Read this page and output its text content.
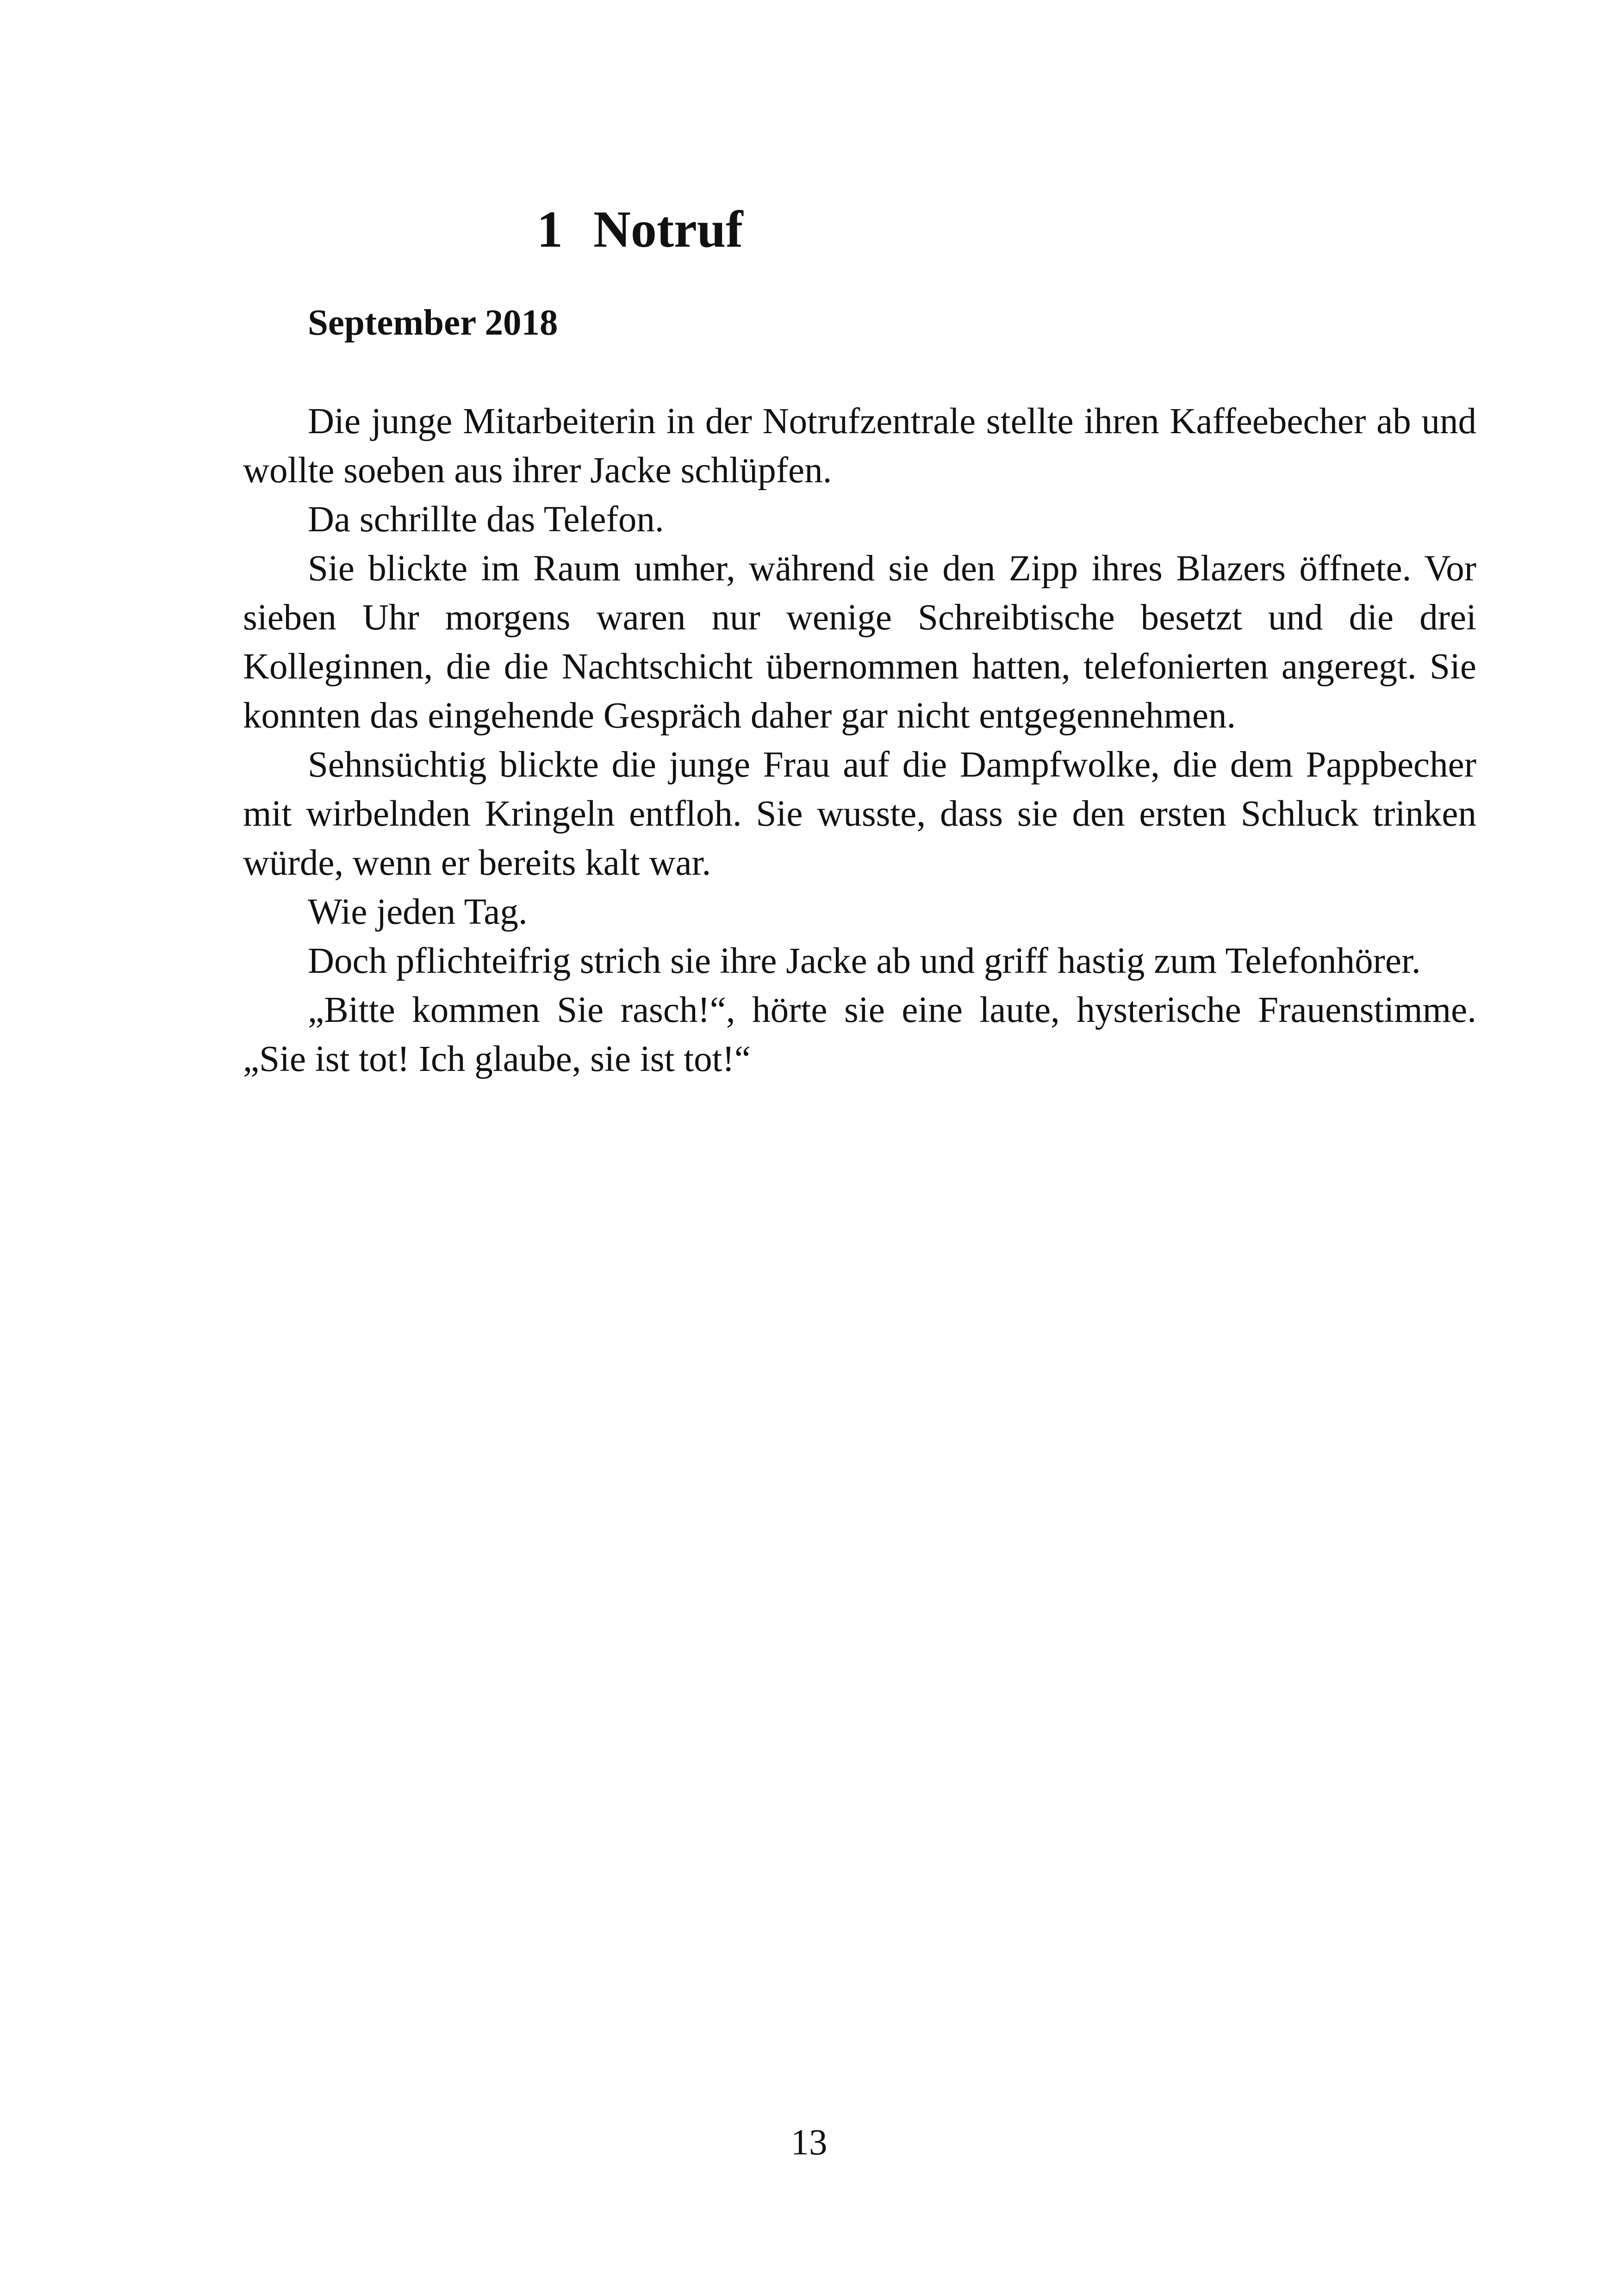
1 Notruf
September 2018

Die junge Mitarbeiterin in der Notrufzentrale stellte ihren Kaffeebecher ab und wollte soeben aus ihrer Jacke schlüpfen.

Da schrillte das Telefon.

Sie blickte im Raum umher, während sie den Zipp ihres Blazers öffnete. Vor sieben Uhr morgens waren nur wenige Schreibtische besetzt und die drei Kolleginnen, die die Nachtschicht übernommen hatten, telefonierten angeregt. Sie konnten das eingehende Gespräch daher gar nicht entgegennehmen.

Sehnsüchtig blickte die junge Frau auf die Dampfwolke, die dem Pappbecher mit wirbelnden Kringeln entfloh. Sie wusste, dass sie den ersten Schluck trinken würde, wenn er bereits kalt war.

Wie jeden Tag.

Doch pflichteifrig strich sie ihre Jacke ab und griff hastig zum Telefonhörer.

„Bitte kommen Sie rasch!“, hörte sie eine laute, hysterische Frauenstimme. „Sie ist tot! Ich glaube, sie ist tot!“

13
